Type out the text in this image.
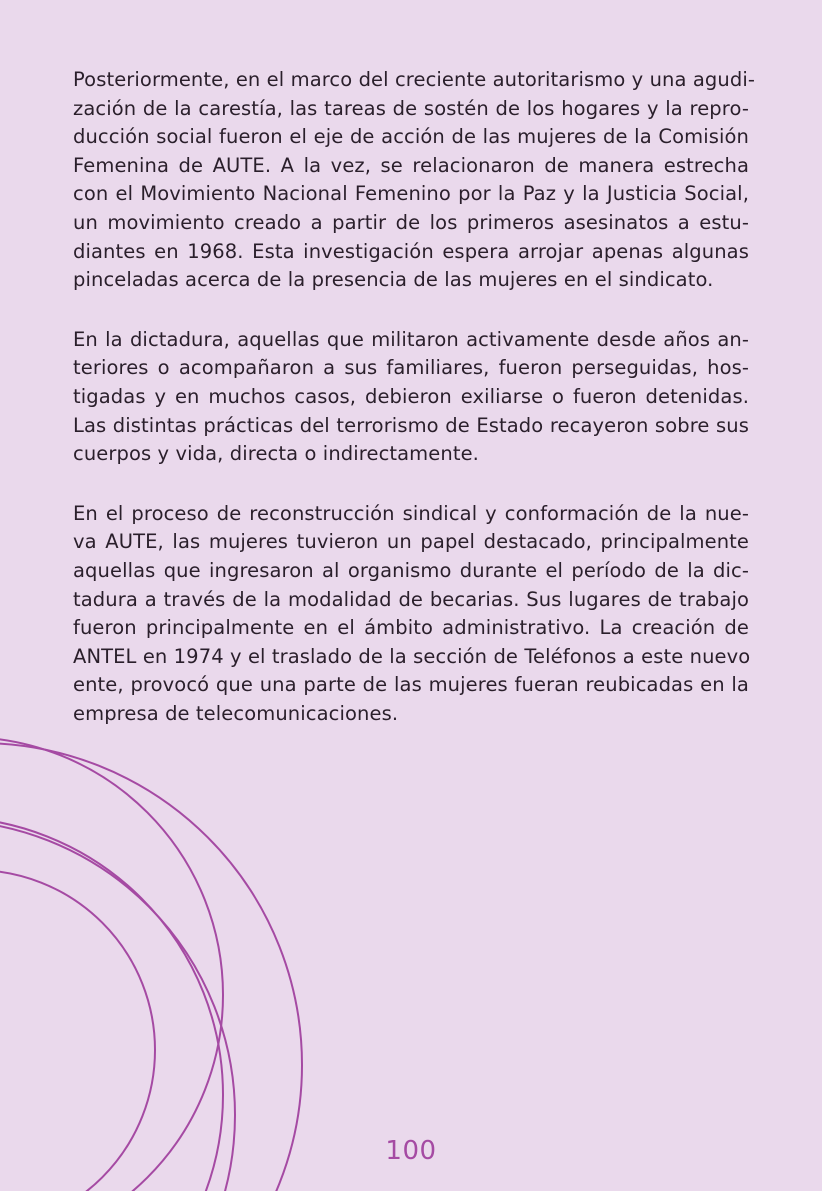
Posteriormente, en el marco del creciente autoritarismo y una agudi-
zación de la carestía, las tareas de sostén de los hogares y la repro-
ducción social fueron el eje de acción de las mujeres de la Comisión
Femenina de AUTE. A la vez, se relacionaron de manera estrecha
con el Movimiento Nacional Femenino por la Paz y la Justicia Social,
un movimiento creado a partir de los primeros asesinatos a estu-
diantes en 1968. Esta investigación espera arrojar apenas algunas
pinceladas acerca de la presencia de las mujeres en el sindicato.

En la dictadura, aquellas que militaron activamente desde años an-
teriores o acompañaron a sus familiares, fueron perseguidas, hos-
tigadas y en muchos casos, debieron exiliarse o fueron detenidas.
Las distintas prácticas del terrorismo de Estado recayeron sobre sus
cuerpos y vida, directa o indirectamente.

En el proceso de reconstrucción sindical y conformación de la nue-
va AUTE, las mujeres tuvieron un papel destacado, principalmente
aquellas que ingresaron al organismo durante el período de la dic-
tadura a través de la modalidad de becarias. Sus lugares de trabajo
fueron principalmente en el ámbito administrativo. La creación de
ANTEL en 1974 y el traslado de la sección de Teléfonos a este nuevo
ente, provocó que una parte de las mujeres fueran reubicadas en la
empresa de telecomunicaciones.

100
